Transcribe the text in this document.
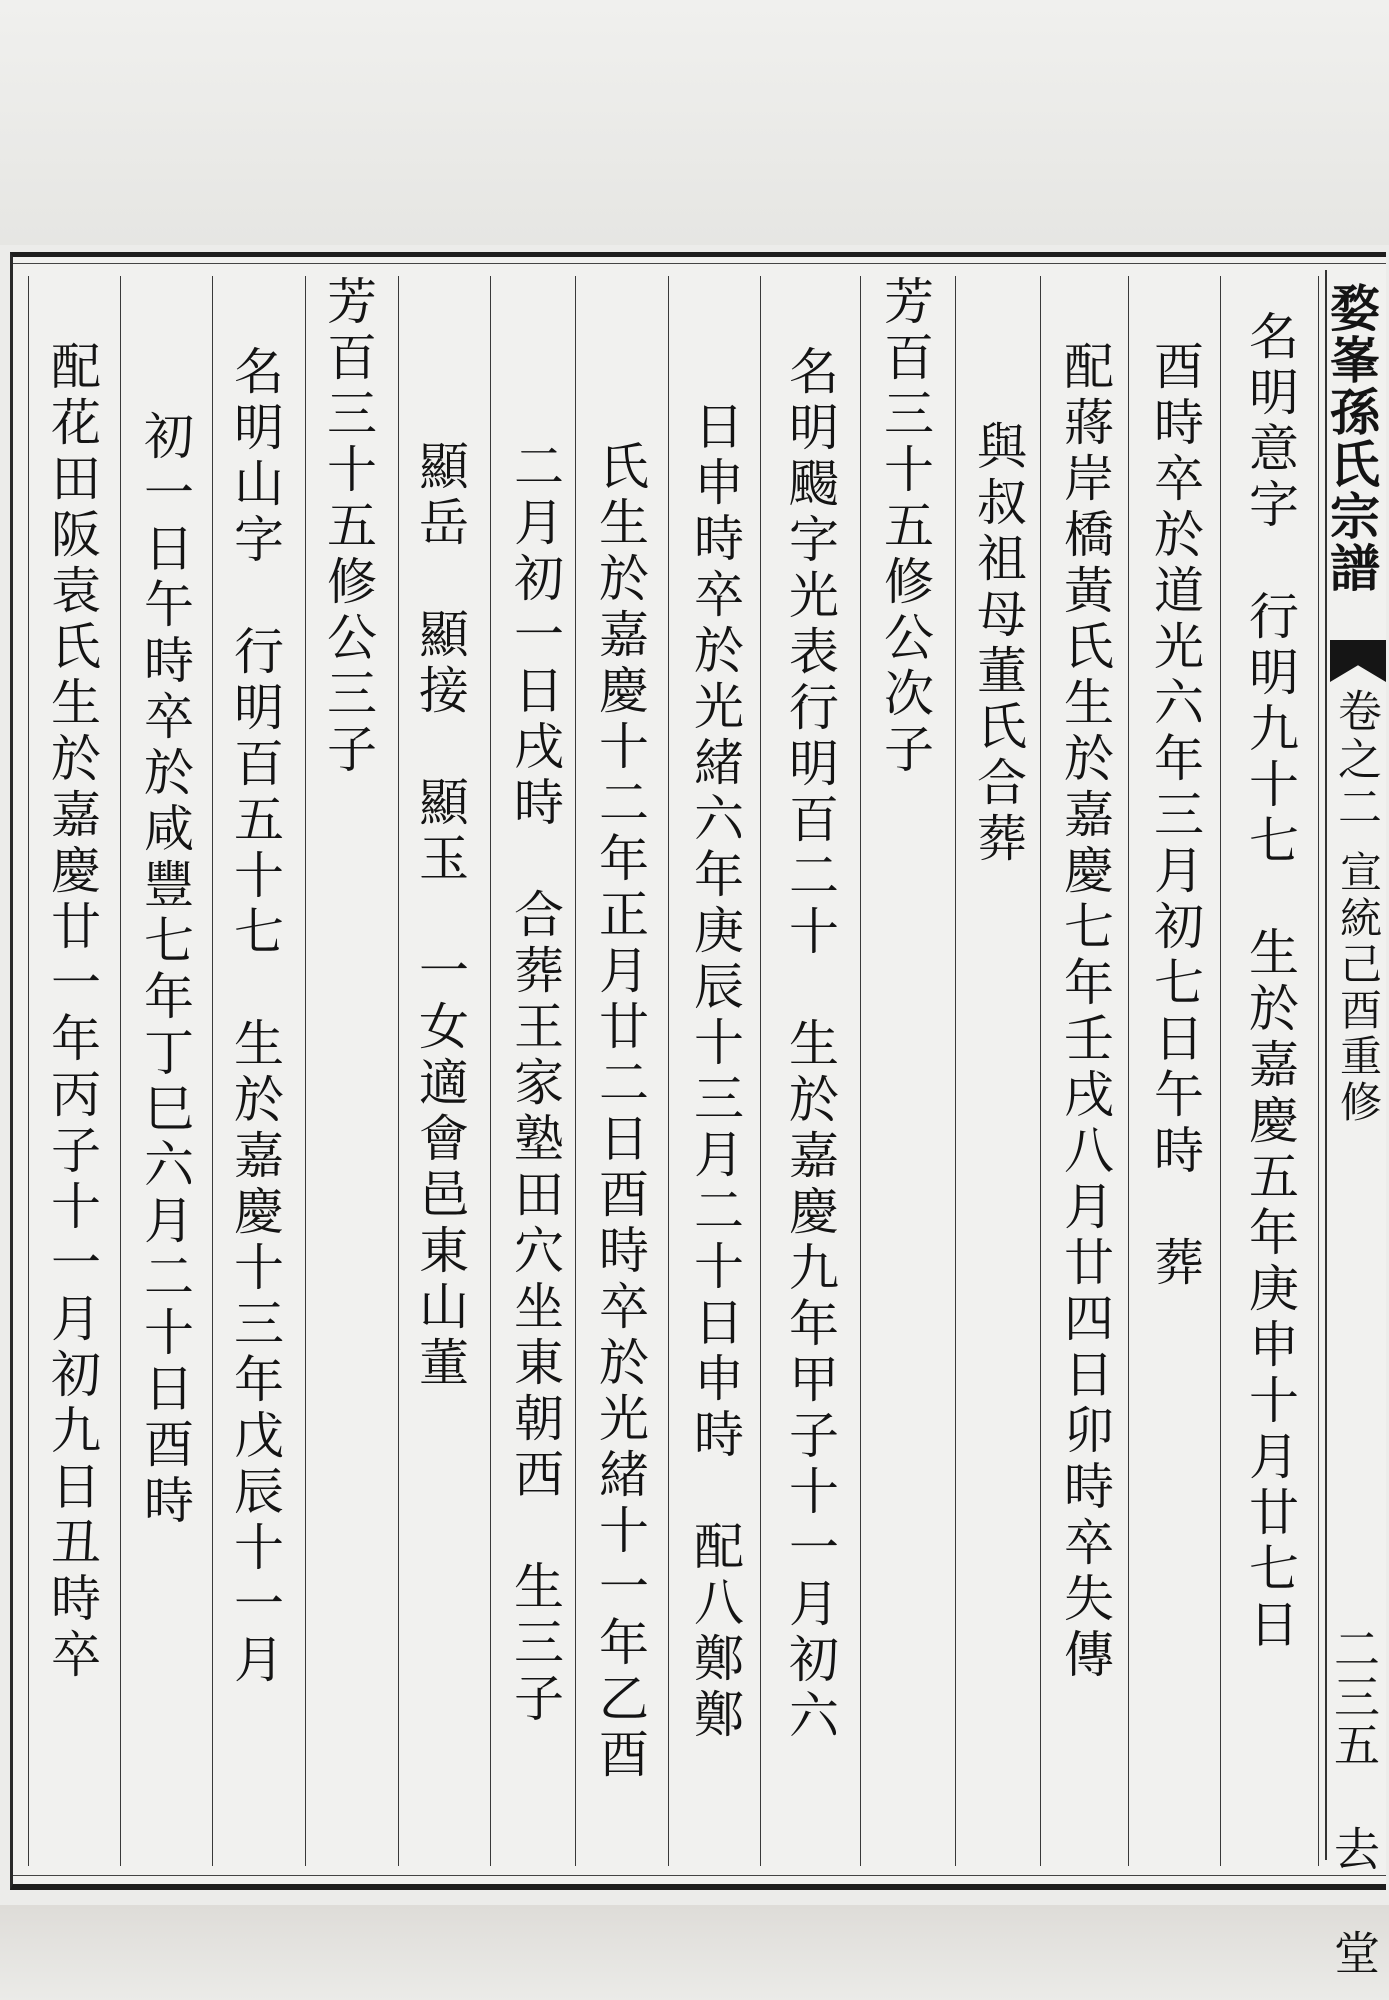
婺峯孫氏宗譜
卷之二
宣統己酉重修
二三五 去 堂
名明意字　行明九十七　生於嘉慶五年庚申十月廿七日
酉時卒於道光六年三月初七日午時　葬
配蔣岸橋黃氏生於嘉慶七年壬戌八月廿四日卯時卒失傳
與叔祖母董氏合葬
芳百三十五修公次子
名明颺字光表行明百二十　生於嘉慶九年甲子十一月初六
日申時卒於光緒六年庚辰十三月二十日申時　配八鄭鄭
氏生於嘉慶十二年正月廿二日酉時卒於光緒十一年乙酉
二月初一日戌時　合葬王家塾田穴坐東朝西　生三子
顯岳　顯接　顯玉　一女適會邑東山董
芳百三十五修公三子
名明山字　行明百五十七　生於嘉慶十三年戊辰十一月
初一日午時卒於咸豐七年丁巳六月二十日酉時
配花田阪袁氏生於嘉慶廿一年丙子十一月初九日丑時卒
